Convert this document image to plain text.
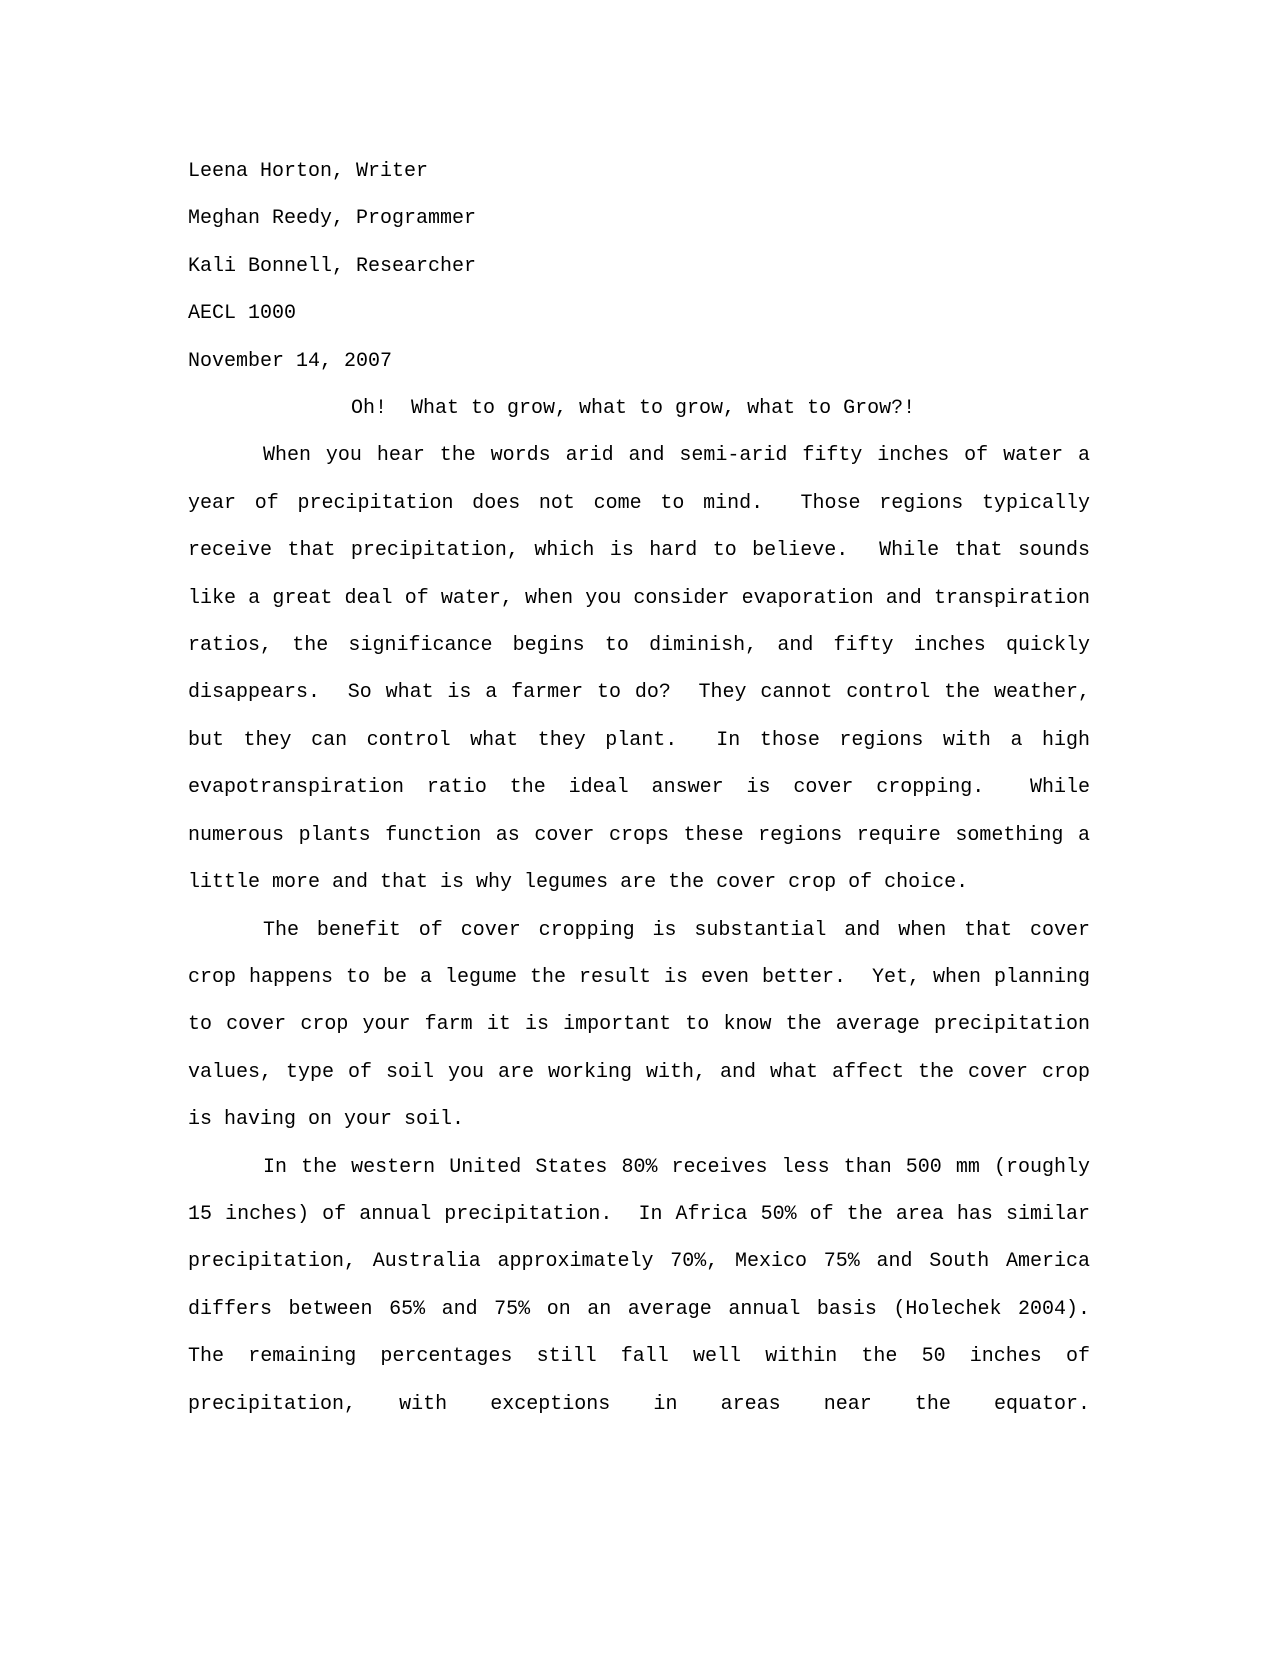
Leena Horton, Writer

Meghan Reedy, Programmer

Kali Bonnell, Researcher

AECL 1000

November 14, 2007

Oh!  What to grow, what to grow, what to Grow?!

When you hear the words arid and semi-arid fifty inches of water a year of precipitation does not come to mind.  Those regions typically receive that precipitation, which is hard to believe.  While that sounds like a great deal of water, when you consider evaporation and transpiration ratios, the significance begins to diminish, and fifty inches quickly disappears.  So what is a farmer to do?  They cannot control the weather, but they can control what they plant.  In those regions with a high evapotranspiration ratio the ideal answer is cover cropping.  While numerous plants function as cover crops these regions require something a little more and that is why legumes are the cover crop of choice.

The benefit of cover cropping is substantial and when that cover crop happens to be a legume the result is even better.  Yet, when planning to cover crop your farm it is important to know the average precipitation values, type of soil you are working with, and what affect the cover crop is having on your soil.

In the western United States 80% receives less than 500 mm (roughly 15 inches) of annual precipitation.  In Africa 50% of the area has similar precipitation, Australia approximately 70%, Mexico 75% and South America differs between 65% and 75% on an average annual basis (Holechek 2004).  The remaining percentages still fall well within the 50 inches of precipitation, with exceptions in areas near the equator.
